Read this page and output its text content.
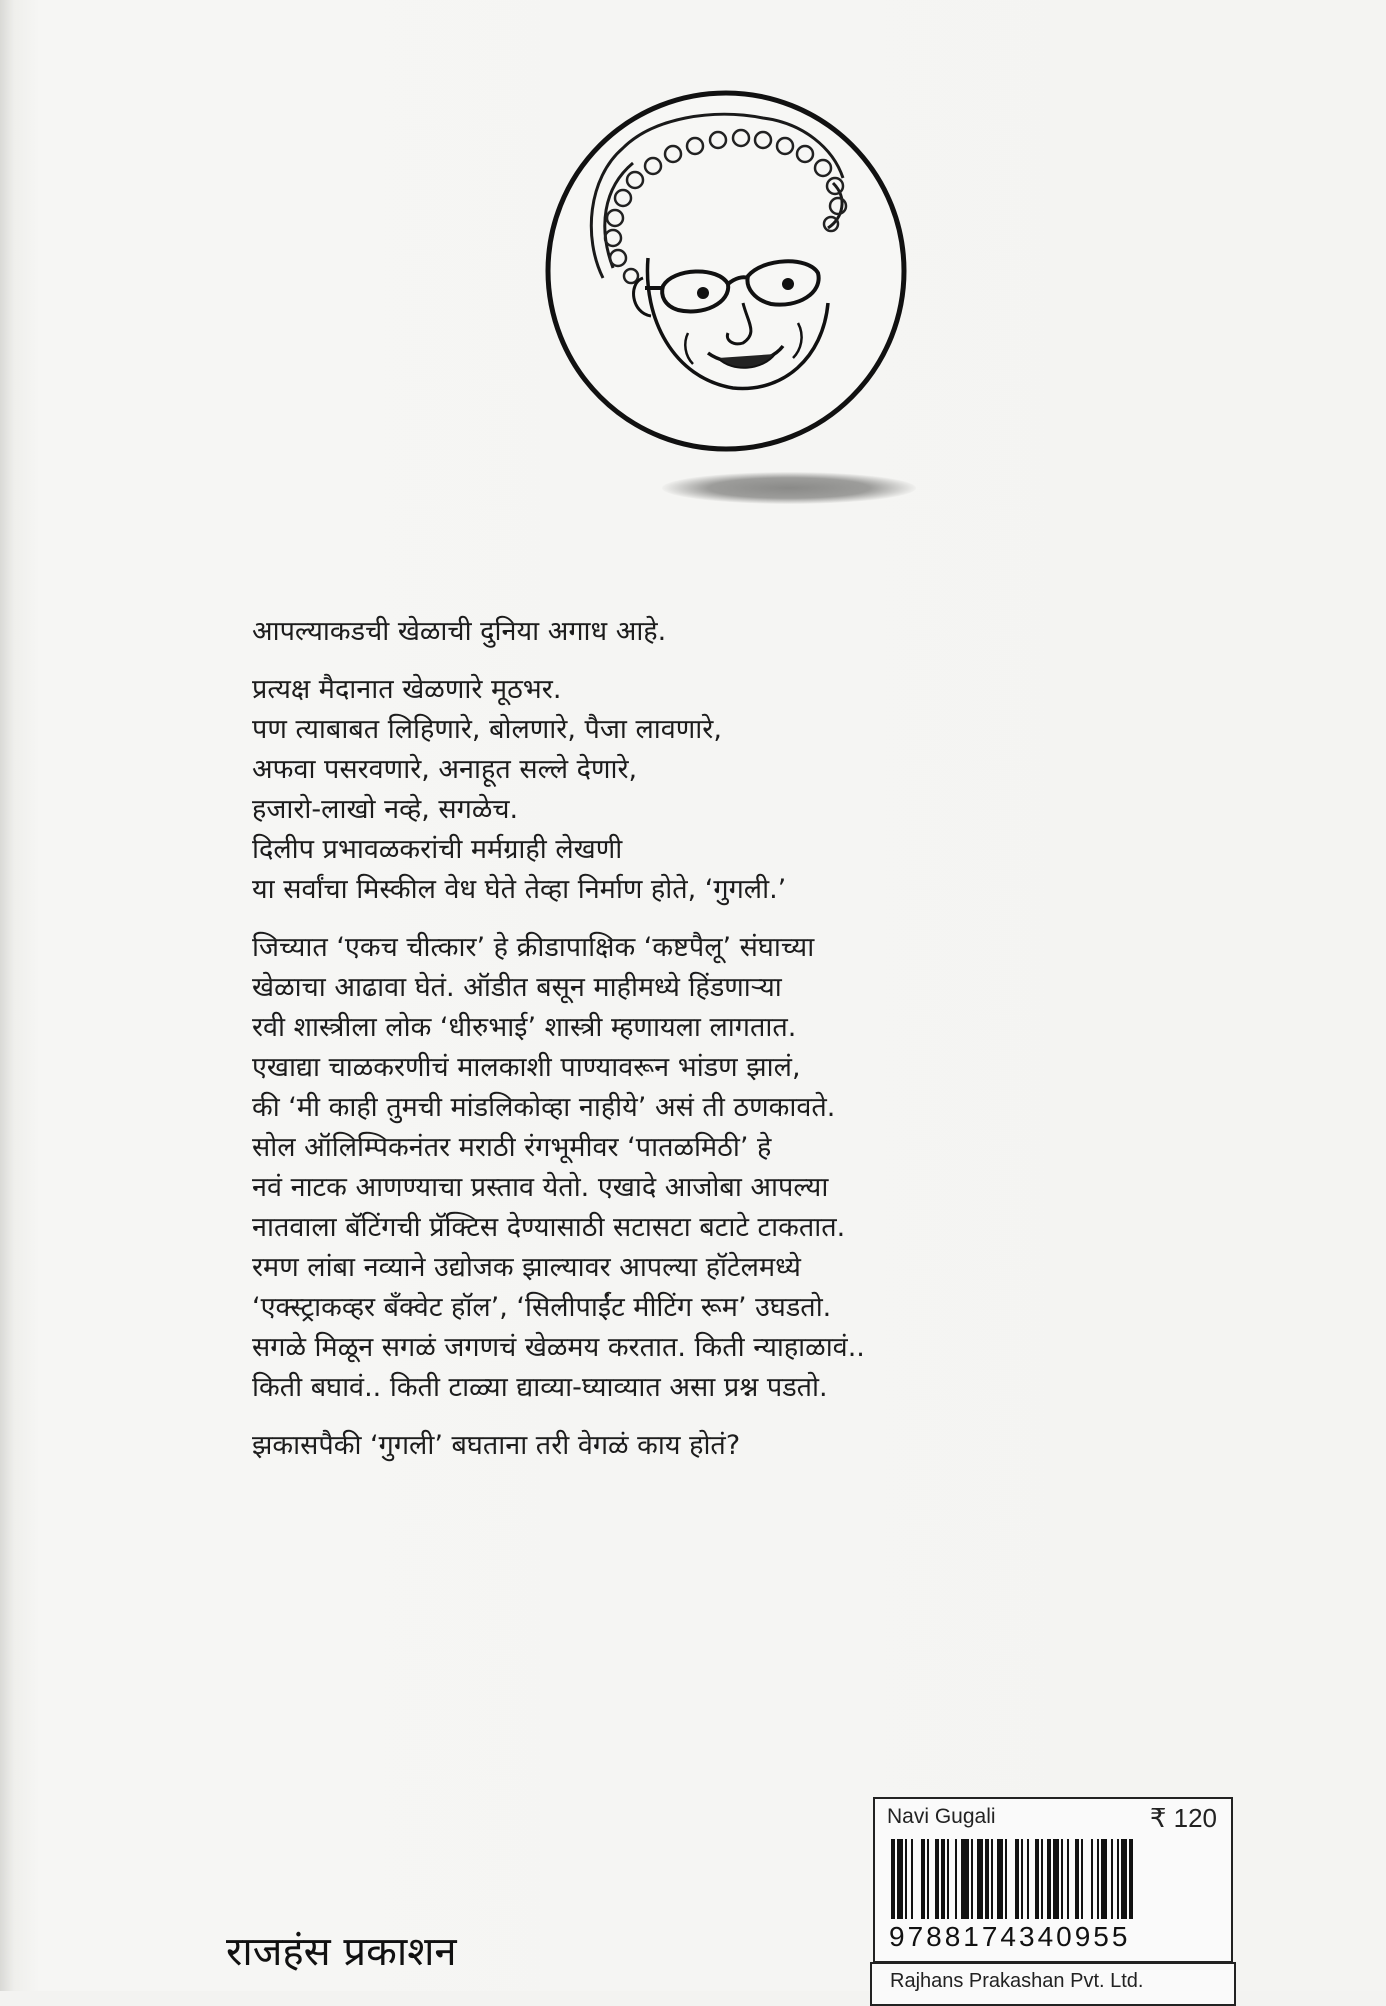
आपल्याकडची खेळाची दुनिया अगाध आहे.

प्रत्यक्ष मैदानात खेळणारे मूठभर.
पण त्याबाबत लिहिणारे, बोलणारे, पैजा लावणारे,
अफवा पसरवणारे, अनाहूत सल्ले देणारे,
हजारो-लाखो नव्हे, सगळेच.
दिलीप प्रभावळकरांची मर्मग्राही लेखणी
या सर्वांचा मिस्कील वेध घेते तेव्हा निर्माण होते, ‘गुगली.’

जिच्यात ‘एकच चीत्कार’ हे क्रीडापाक्षिक ‘कष्टपैलू’ संघाच्या
खेळाचा आढावा घेतं. ऑडीत बसून माहीमध्ये हिंडणाऱ्या
रवी शास्त्रीला लोक ‘धीरुभाई’ शास्त्री म्हणायला लागतात.
एखाद्या चाळकरणीचं मालकाशी पाण्यावरून भांडण झालं,
की ‘मी काही तुमची मांडलिकोव्हा नाहीये’ असं ती ठणकावते.
सोल ऑलिम्पिकनंतर मराठी रंगभूमीवर ‘पातळमिठी’ हे
नवं नाटक आणण्याचा प्रस्ताव येतो. एखादे आजोबा आपल्या
नातवाला बॅटिंगची प्रॅक्टिस देण्यासाठी सटासटा बटाटे टाकतात.
रमण लांबा नव्याने उद्योजक झाल्यावर आपल्या हॉटेलमध्ये
‘एक्स्ट्राकव्हर बँक्वेट हॉल’, ‘सिलीपाईंट मीटिंग रूम’ उघडतो.
सगळे मिळून सगळं जगणचं खेळमय करतात. किती न्याहाळावं..
किती बघावं.. किती टाळ्या द्याव्या-घ्याव्यात असा प्रश्न पडतो.

झकासपैकी ‘गुगली’ बघताना तरी वेगळं काय होतं?

Navi Gugali	₹ 120
9788174340955
Rajhans Prakashan Pvt. Ltd.
राजहंस प्रकाशन
